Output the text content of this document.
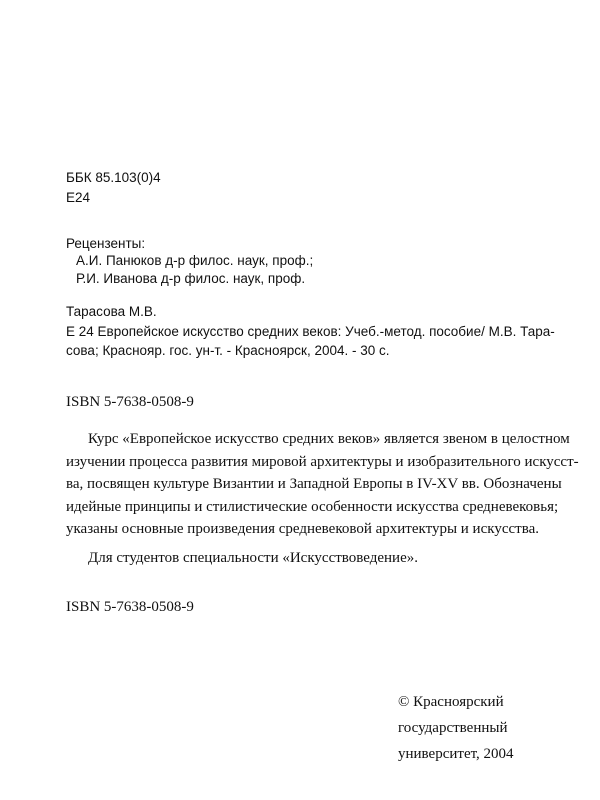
ББК 85.103(0)4
Е24
Рецензенты:
А.И. Панюков д-р филос. наук, проф.;
Р.И. Иванова д-р филос. наук, проф.
Тарасова М.В.
Е 24 Европейское искусство средних веков: Учеб.-метод. пособие/ М.В. Тара-
сова; Краснояр. гос. ун-т. - Красноярск, 2004. - 30 с.
ISBN 5-7638-0508-9
Курс «Европейское искусство средних веков» является звеном в целостном
изучении процесса развития мировой архитектуры и изобразительного искусст-
ва, посвящен культуре Византии и Западной Европы в IV-XV вв. Обозначены
идейные принципы и стилистические особенности искусства средневековья;
указаны основные произведения средневековой архитектуры и искусства.
Для студентов специальности «Искусствоведение».
ISBN 5-7638-0508-9
© Красноярский
государственный
университет, 2004
